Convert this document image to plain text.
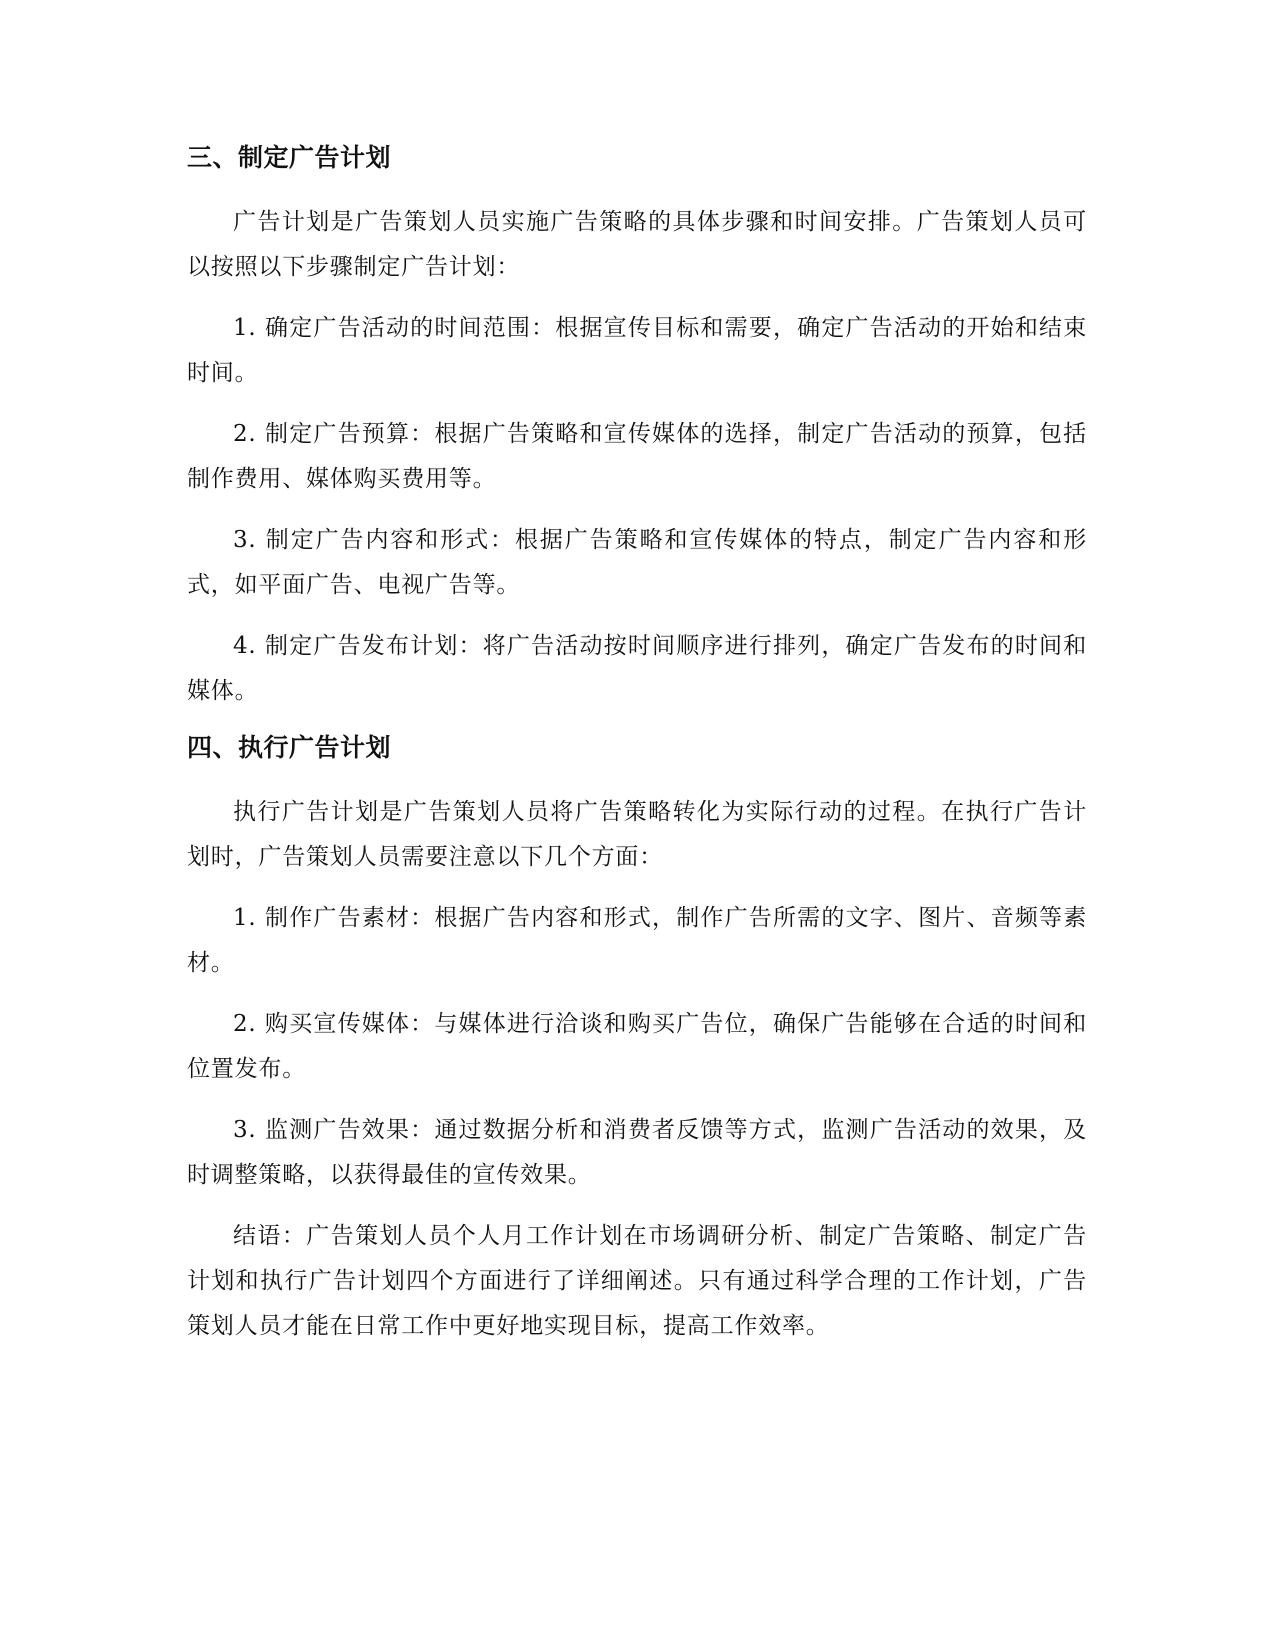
三、制定广告计划

广告计划是广告策划人员实施广告策略的具体步骤和时间安排。广告策划人员可以按照以下步骤制定广告计划：

1. 确定广告活动的时间范围：根据宣传目标和需要，确定广告活动的开始和结束时间。

2. 制定广告预算：根据广告策略和宣传媒体的选择，制定广告活动的预算，包括制作费用、媒体购买费用等。

3. 制定广告内容和形式：根据广告策略和宣传媒体的特点，制定广告内容和形式，如平面广告、电视广告等。

4. 制定广告发布计划：将广告活动按时间顺序进行排列，确定广告发布的时间和媒体。

四、执行广告计划

执行广告计划是广告策划人员将广告策略转化为实际行动的过程。在执行广告计划时，广告策划人员需要注意以下几个方面：

1. 制作广告素材：根据广告内容和形式，制作广告所需的文字、图片、音频等素材。

2. 购买宣传媒体：与媒体进行洽谈和购买广告位，确保广告能够在合适的时间和位置发布。

3. 监测广告效果：通过数据分析和消费者反馈等方式，监测广告活动的效果，及时调整策略，以获得最佳的宣传效果。

结语：广告策划人员个人月工作计划在市场调研分析、制定广告策略、制定广告计划和执行广告计划四个方面进行了详细阐述。只有通过科学合理的工作计划，广告策划人员才能在日常工作中更好地实现目标，提高工作效率。
